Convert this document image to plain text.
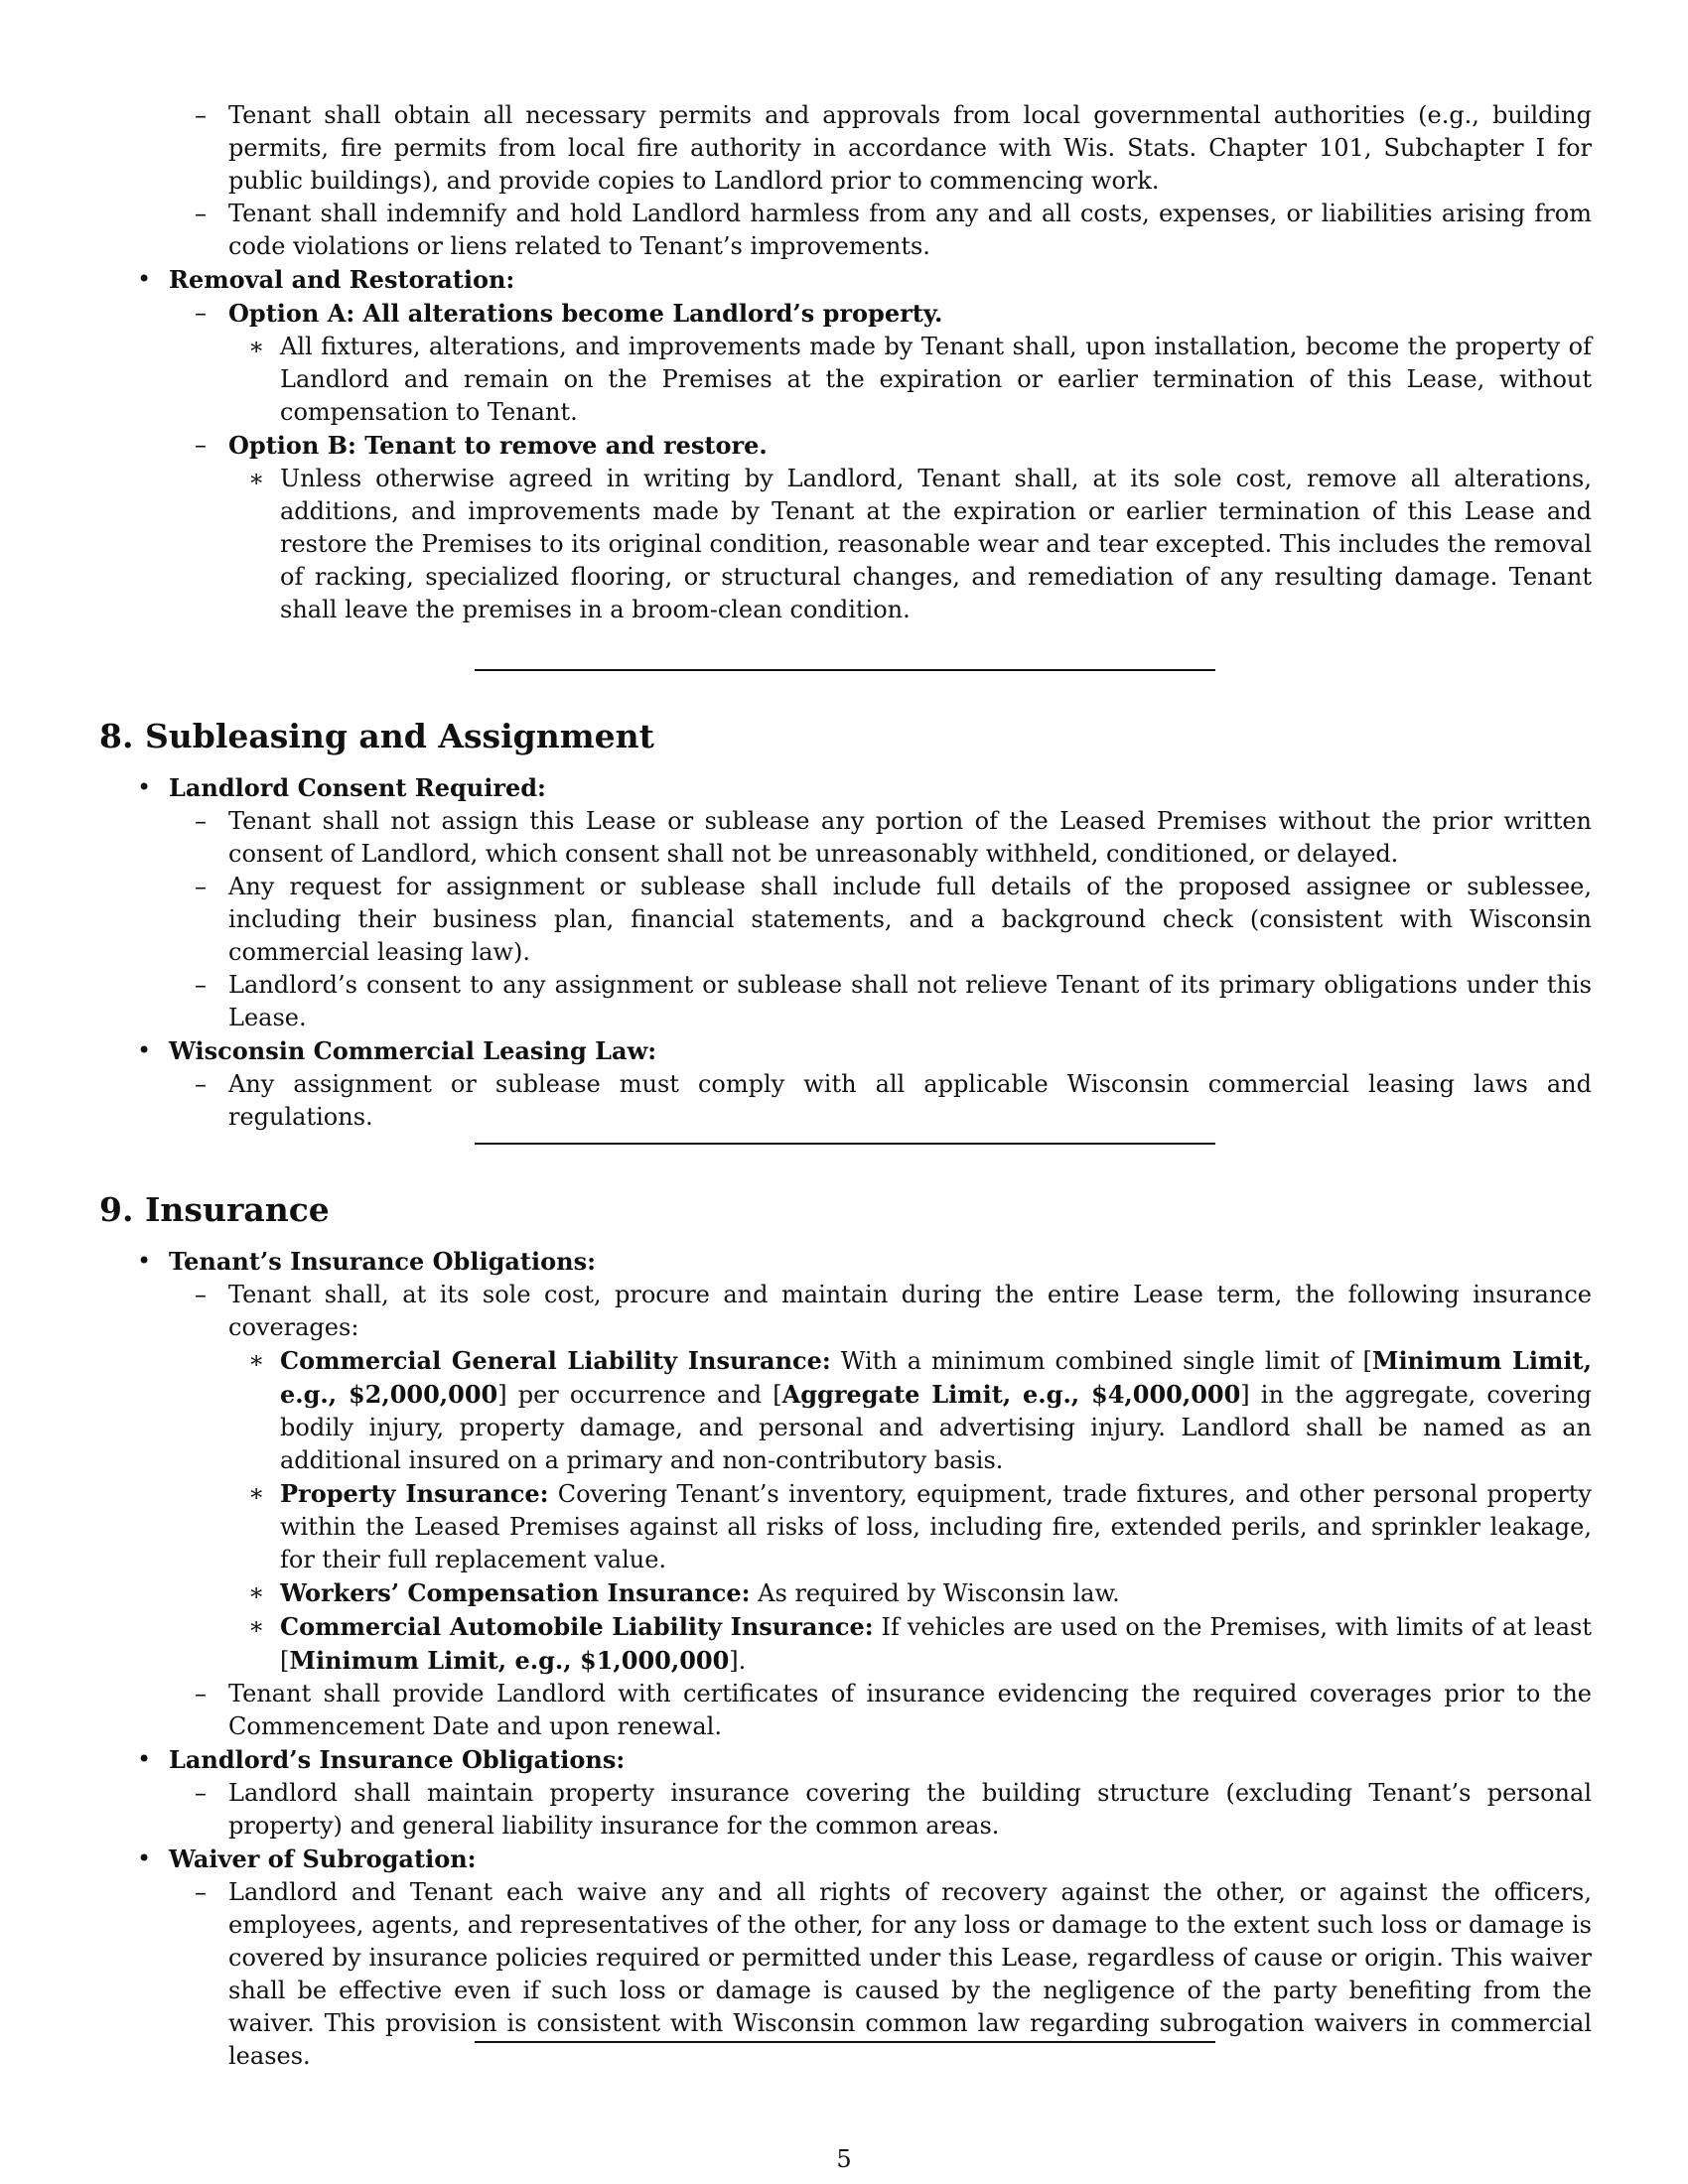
– Tenant shall obtain all necessary permits and approvals from local governmental authorities (e.g., building permits, fire permits from local fire authority in accordance with Wis. Stats. Chapter 101, Subchapter I for public buildings), and provide copies to Landlord prior to commencing work.
– Tenant shall indemnify and hold Landlord harmless from any and all costs, expenses, or liabilities arising from code violations or liens related to Tenant’s improvements.
• Removal and Restoration:
– Option A: All alterations become Landlord’s property.
∗ All fixtures, alterations, and improvements made by Tenant shall, upon installation, become the property of Landlord and remain on the Premises at the expiration or earlier termination of this Lease, without compensation to Tenant.
– Option B: Tenant to remove and restore.
∗ Unless otherwise agreed in writing by Landlord, Tenant shall, at its sole cost, remove all alterations, additions, and improvements made by Tenant at the expiration or earlier termination of this Lease and restore the Premises to its original condition, reasonable wear and tear excepted. This includes the removal of racking, specialized flooring, or structural changes, and remediation of any resulting damage. Tenant shall leave the premises in a broom-clean condition.
8. Subleasing and Assignment
• Landlord Consent Required:
– Tenant shall not assign this Lease or sublease any portion of the Leased Premises without the prior written consent of Landlord, which consent shall not be unreasonably withheld, conditioned, or delayed.
– Any request for assignment or sublease shall include full details of the proposed assignee or sublessee, including their business plan, financial statements, and a background check (consistent with Wisconsin commercial leasing law).
– Landlord’s consent to any assignment or sublease shall not relieve Tenant of its primary obligations under this Lease.
• Wisconsin Commercial Leasing Law:
– Any assignment or sublease must comply with all applicable Wisconsin commercial leasing laws and regulations.
9. Insurance
• Tenant’s Insurance Obligations:
– Tenant shall, at its sole cost, procure and maintain during the entire Lease term, the following insurance coverages:
∗ Commercial General Liability Insurance: With a minimum combined single limit of [Minimum Limit, e.g., $2,000,000] per occurrence and [Aggregate Limit, e.g., $4,000,000] in the aggregate, covering bodily injury, property damage, and personal and advertising injury. Landlord shall be named as an additional insured on a primary and non-contributory basis.
∗ Property Insurance: Covering Tenant’s inventory, equipment, trade fixtures, and other personal property within the Leased Premises against all risks of loss, including fire, extended perils, and sprinkler leakage, for their full replacement value.
∗ Workers’ Compensation Insurance: As required by Wisconsin law.
∗ Commercial Automobile Liability Insurance: If vehicles are used on the Premises, with limits of at least [Minimum Limit, e.g., $1,000,000].
– Tenant shall provide Landlord with certificates of insurance evidencing the required coverages prior to the Commencement Date and upon renewal.
• Landlord’s Insurance Obligations:
– Landlord shall maintain property insurance covering the building structure (excluding Tenant’s personal property) and general liability insurance for the common areas.
• Waiver of Subrogation:
– Landlord and Tenant each waive any and all rights of recovery against the other, or against the officers, employees, agents, and representatives of the other, for any loss or damage to the extent such loss or damage is covered by insurance policies required or permitted under this Lease, regardless of cause or origin. This waiver shall be effective even if such loss or damage is caused by the negligence of the party benefiting from the waiver. This provision is consistent with Wisconsin common law regarding subrogation waivers in commercial leases.
5
